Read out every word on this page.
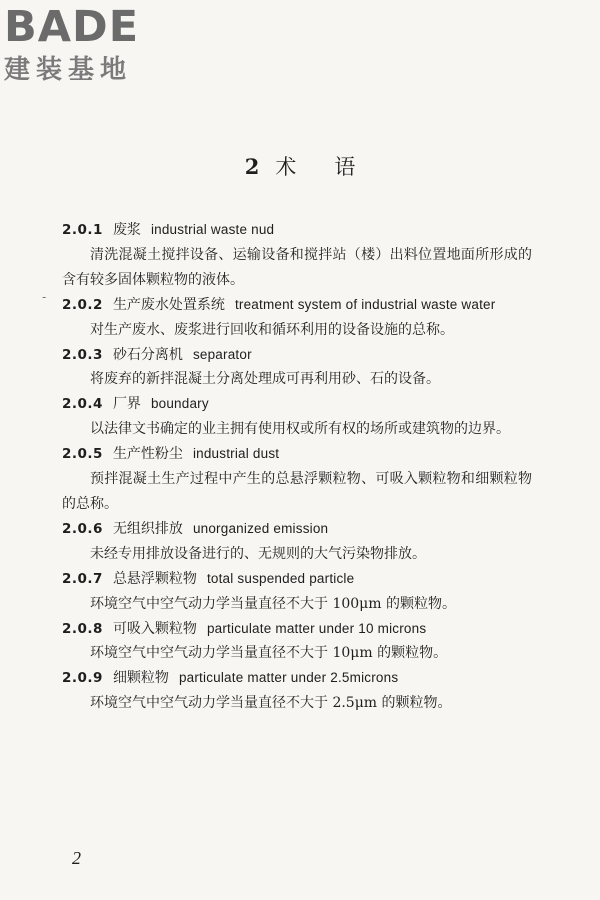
BADE
建装基地
2 术 语
-

2.0.1 废浆 industrial waste nud

清洗混凝土搅拌设备、运输设备和搅拌站（楼）出料位置地面所形成的含有较多固体颗粒物的液体。

2.0.2 生产废水处置系统 treatment system of industrial waste water

对生产废水、废浆进行回收和循环利用的设备设施的总称。

2.0.3 砂石分离机 separator

将废弃的新拌混凝土分离处理成可再利用砂、石的设备。

2.0.4 厂界 boundary

以法律文书确定的业主拥有使用权或所有权的场所或建筑物的边界。

2.0.5 生产性粉尘 industrial dust

预拌混凝土生产过程中产生的总悬浮颗粒物、可吸入颗粒物和细颗粒物的总称。

2.0.6 无组织排放 unorganized emission

未经专用排放设备进行的、无规则的大气污染物排放。

2.0.7 总悬浮颗粒物 total suspended particle

环境空气中空气动力学当量直径不大于 100μm 的颗粒物。

2.0.8 可吸入颗粒物 particulate matter under 10 microns

环境空气中空气动力学当量直径不大于 10μm 的颗粒物。

2.0.9 细颗粒物 particulate matter under 2.5microns

环境空气中空气动力学当量直径不大于 2.5μm 的颗粒物。

2
